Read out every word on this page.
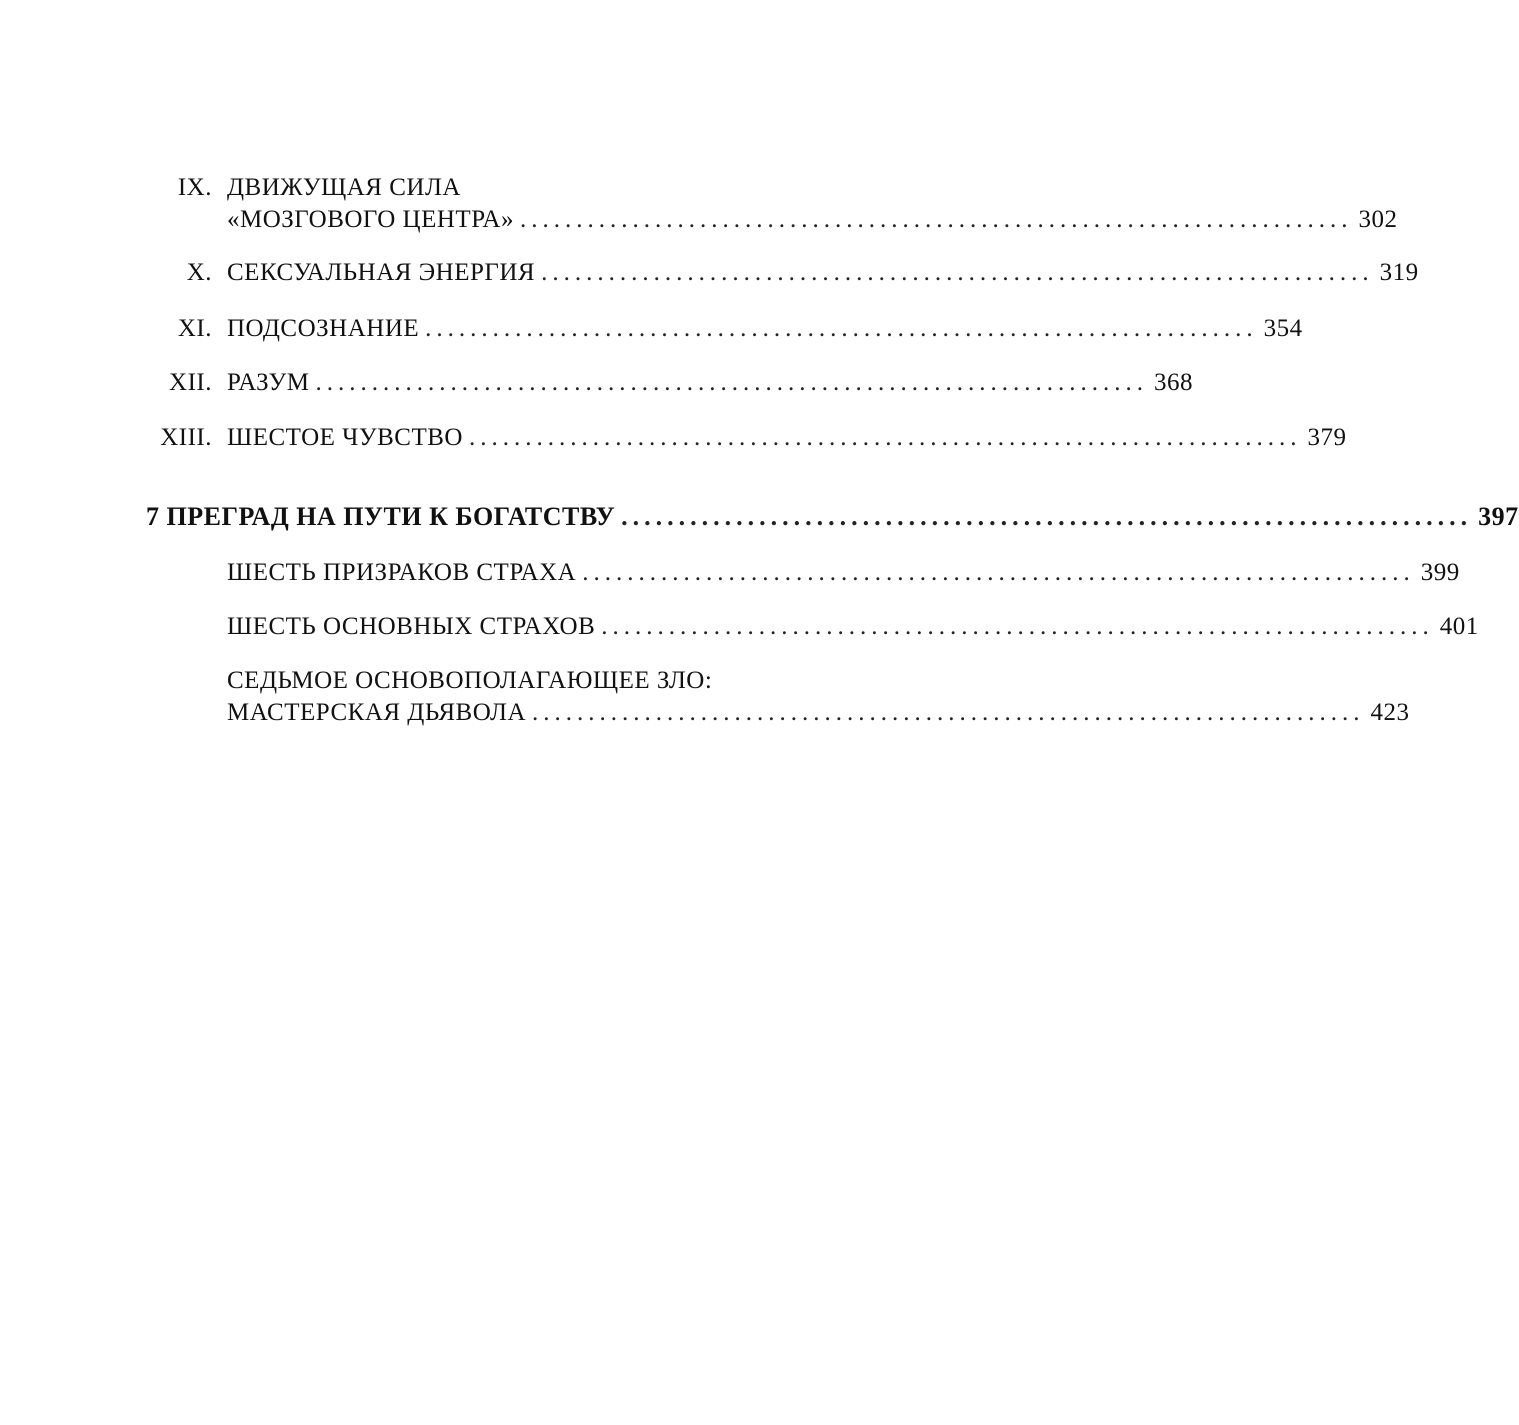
IX. ДВИЖУЩАЯ СИЛА
«МОЗГОВОГО ЦЕНТРА» .......................................................................... 302
X. СЕКСУАЛЬНАЯ ЭНЕРГИЯ .......................................................................... 319
XI. ПОДСОЗНАНИЕ .......................................................................... 354
XII. РАЗУМ .......................................................................... 368
XIII. ШЕСТОЕ ЧУВСТВО .......................................................................... 379
7 ПРЕГРАД НА ПУТИ К БОГАТСТВУ .......................................................................... 397
ШЕСТЬ ПРИЗРАКОВ СТРАХА .......................................................................... 399
ШЕСТЬ ОСНОВНЫХ СТРАХОВ .......................................................................... 401
СЕДЬМОЕ ОСНОВОПОЛАГАЮЩЕЕ ЗЛО:
МАСТЕРСКАЯ ДЬЯВОЛА .......................................................................... 423
